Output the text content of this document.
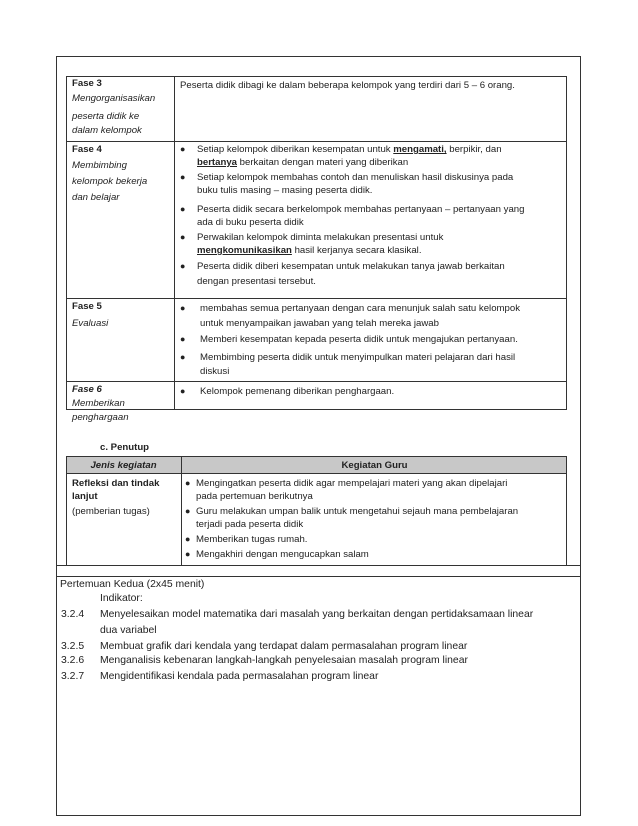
Fase 3
Mengorganisasikan
peserta didik ke
dalam kelompok
Peserta didik dibagi ke dalam beberapa kelompok yang terdiri dari 5 – 6 orang.
Fase 4
Membimbing
kelompok bekerja
dan belajar
● Setiap kelompok diberikan kesempatan untuk mengamati, berpikir, dan
bertanya berkaitan dengan materi yang diberikan
● Setiap kelompok membahas contoh dan menuliskan hasil diskusinya pada
buku tulis masing – masing peserta didik.
● Peserta didik secara berkelompok membahas pertanyaan – pertanyaan yang
ada di buku peserta didik
● Perwakilan kelompok diminta melakukan presentasi untuk
mengkomunikasikan hasil kerjanya secara klasikal.
● Peserta didik diberi kesempatan untuk melakukan tanya jawab berkaitan
dengan presentasi tersebut.
Fase 5
Evaluasi
● membahas semua pertanyaan dengan cara menunjuk salah satu kelompok
untuk menyampaikan jawaban yang telah mereka jawab
● Memberi kesempatan kepada peserta didik untuk mengajukan pertanyaan.
● Membimbing peserta didik untuk menyimpulkan materi pelajaran dari hasil
diskusi
Fase 6
Memberikan
penghargaan
● Kelompok pemenang diberikan penghargaan.
c. Penutup
Jenis kegiatan	Kegiatan Guru
Refleksi dan tindak
lanjut
(pemberian tugas)
● Mengingatkan peserta didik agar mempelajari materi yang akan dipelajari
pada pertemuan berikutnya
● Guru melakukan umpan balik untuk mengetahui sejauh mana pembelajaran
terjadi pada peserta didik
● Memberikan tugas rumah.
● Mengakhiri dengan mengucapkan salam
Pertemuan Kedua (2x45 menit)
Indikator:
3.2.4 Menyelesaikan model matematika dari masalah yang berkaitan dengan pertidaksamaan linear
dua variabel
3.2.5 Membuat grafik dari kendala yang terdapat dalam permasalahan program linear
3.2.6 Menganalisis kebenaran langkah-langkah penyelesaian masalah program linear
3.2.7 Mengidentifikasi kendala pada permasalahan program linear
